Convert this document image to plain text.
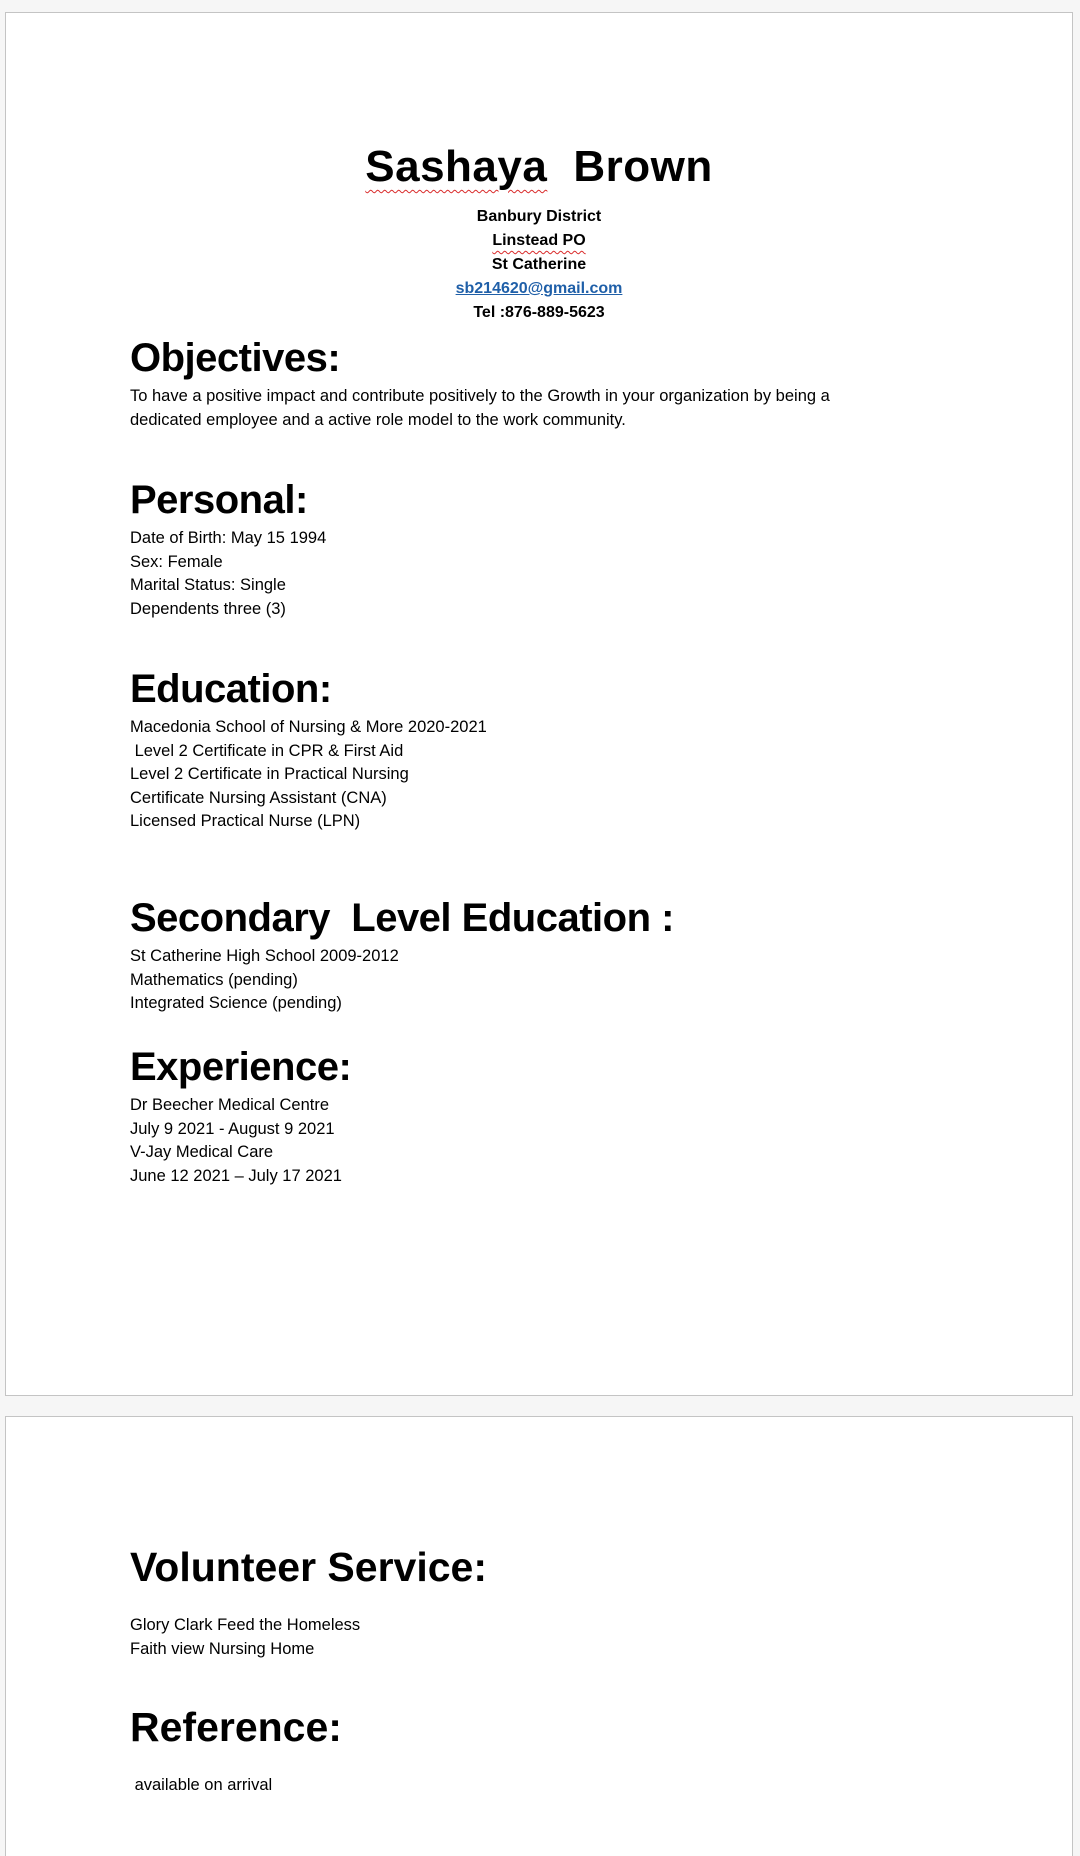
Sashaya Brown
Banbury District
Linstead PO
St Catherine
sb214620@gmail.com
Tel :876-889-5623
Objectives:
To have a positive impact and contribute positively to the Growth in your organization by being a
dedicated employee and a active role model to the work community.
Personal:
Date of Birth: May 15 1994
Sex: Female
Marital Status: Single
Dependents three (3)
Education:
Macedonia School of Nursing & More 2020-2021
Level 2 Certificate in CPR & First Aid
Level 2 Certificate in Practical Nursing
Certificate Nursing Assistant (CNA)
Licensed Practical Nurse (LPN)
Secondary  Level Education :
St Catherine High School 2009-2012
Mathematics (pending)
Integrated Science (pending)
Experience:
Dr Beecher Medical Centre
July 9 2021 - August 9 2021
V-Jay Medical Care
June 12 2021 – July 17 2021
Volunteer Service:
Glory Clark Feed the Homeless
Faith view Nursing Home
Reference:
available on arrival
